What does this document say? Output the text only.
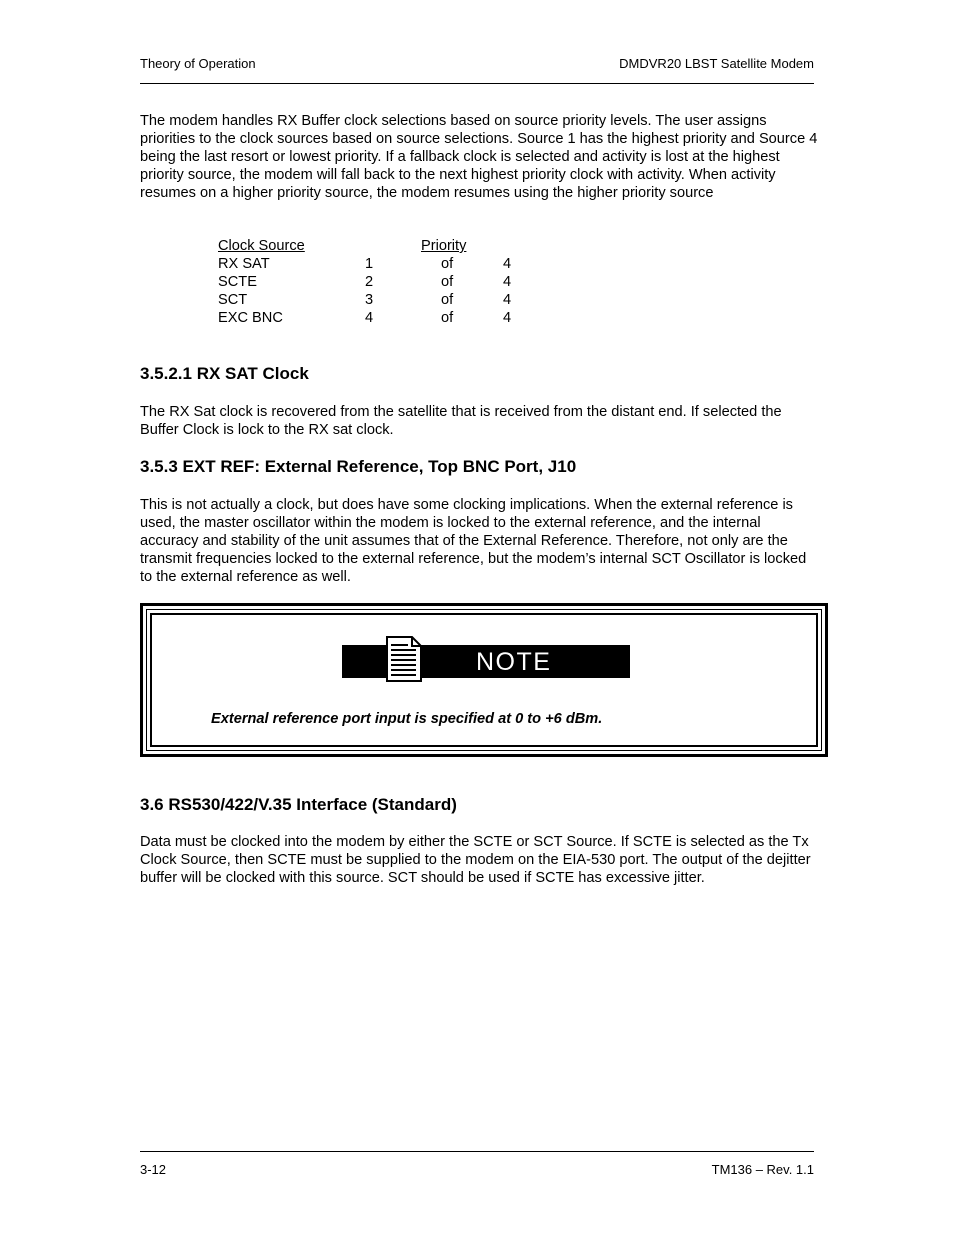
Theory of Operation	DMDVR20 LBST Satellite Modem

The modem handles RX Buffer clock selections based on source priority levels. The user assigns priorities to the clock sources based on source selections. Source 1 has the highest priority and Source 4 being the last resort or lowest priority. If a fallback clock is selected and activity is lost at the highest priority source, the modem will fall back to the next highest priority clock with activity. When activity resumes on a higher priority source, the modem resumes using the higher priority source

Clock Source	Priority
RX SAT	1	of	4
SCTE	2	of	4
SCT	3	of	4
EXC BNC	4	of	4
3.5.2.1 RX SAT Clock

The RX Sat clock is recovered from the satellite that is received from the distant end. If selected the Buffer Clock is lock to the RX sat clock.

3.5.3 EXT REF: External Reference, Top BNC Port, J10

This is not actually a clock, but does have some clocking implications. When the external reference is used, the master oscillator within the modem is locked to the external reference, and the internal accuracy and stability of the unit assumes that of the External Reference. Therefore, not only are the transmit frequencies locked to the external reference, but the modem’s internal SCT Oscillator is locked to the external reference as well.

NOTE
External reference port input is specified at 0 to +6 dBm.
3.6 RS530/422/V.35 Interface (Standard)

Data must be clocked into the modem by either the SCTE or SCT Source. If SCTE is selected as the Tx Clock Source, then SCTE must be supplied to the modem on the EIA-530 port. The output of the dejitter buffer will be clocked with this source. SCT should be used if SCTE has excessive jitter.

3-12	TM136 – Rev. 1.1
